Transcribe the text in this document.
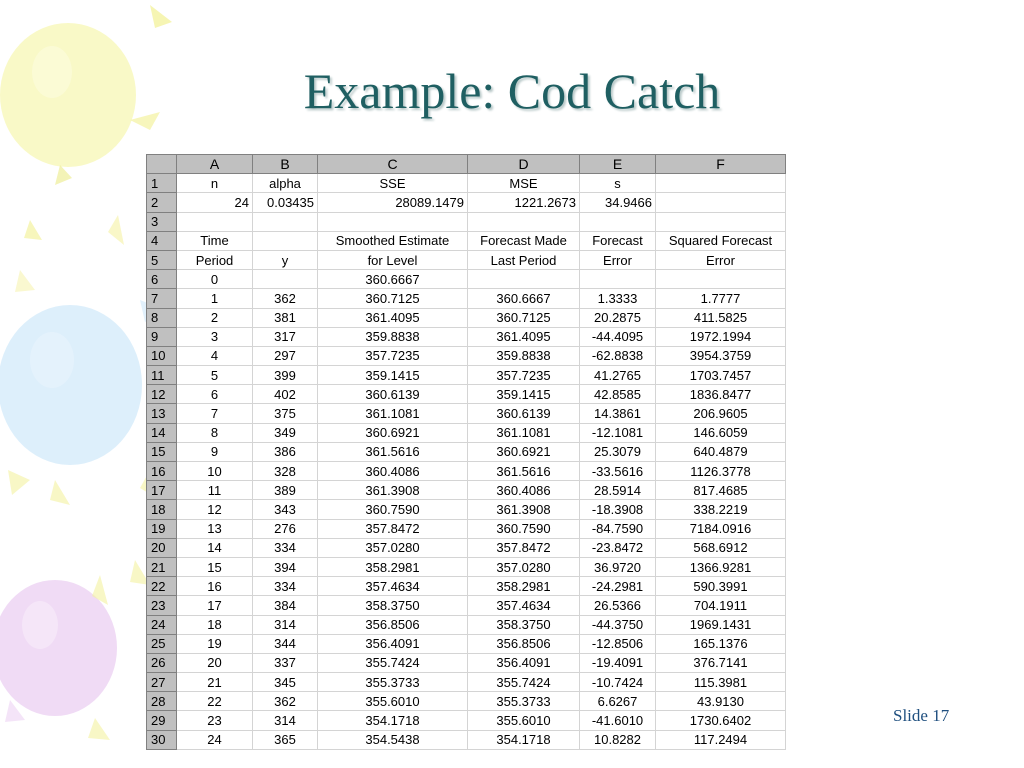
Example: Cod Catch
	A	B	C	D	E	F
1	n	alpha	SSE	MSE	s	
2	24	0.03435	28089.1479	1221.2673	34.9466	
3						
4	Time		Smoothed Estimate	Forecast Made	Forecast	Squared Forecast
5	Period	y	for Level	Last Period	Error	Error
6	0		360.6667			
7	1	362	360.7125	360.6667	1.3333	1.7777
8	2	381	361.4095	360.7125	20.2875	411.5825
9	3	317	359.8838	361.4095	-44.4095	1972.1994
10	4	297	357.7235	359.8838	-62.8838	3954.3759
11	5	399	359.1415	357.7235	41.2765	1703.7457
12	6	402	360.6139	359.1415	42.8585	1836.8477
13	7	375	361.1081	360.6139	14.3861	206.9605
14	8	349	360.6921	361.1081	-12.1081	146.6059
15	9	386	361.5616	360.6921	25.3079	640.4879
16	10	328	360.4086	361.5616	-33.5616	1126.3778
17	11	389	361.3908	360.4086	28.5914	817.4685
18	12	343	360.7590	361.3908	-18.3908	338.2219
19	13	276	357.8472	360.7590	-84.7590	7184.0916
20	14	334	357.0280	357.8472	-23.8472	568.6912
21	15	394	358.2981	357.0280	36.9720	1366.9281
22	16	334	357.4634	358.2981	-24.2981	590.3991
23	17	384	358.3750	357.4634	26.5366	704.1911
24	18	314	356.8506	358.3750	-44.3750	1969.1431
25	19	344	356.4091	356.8506	-12.8506	165.1376
26	20	337	355.7424	356.4091	-19.4091	376.7141
27	21	345	355.3733	355.7424	-10.7424	115.3981
28	22	362	355.6010	355.3733	6.6267	43.9130
29	23	314	354.1718	355.6010	-41.6010	1730.6402
30	24	365	354.5438	354.1718	10.8282	117.2494
Slide 17
